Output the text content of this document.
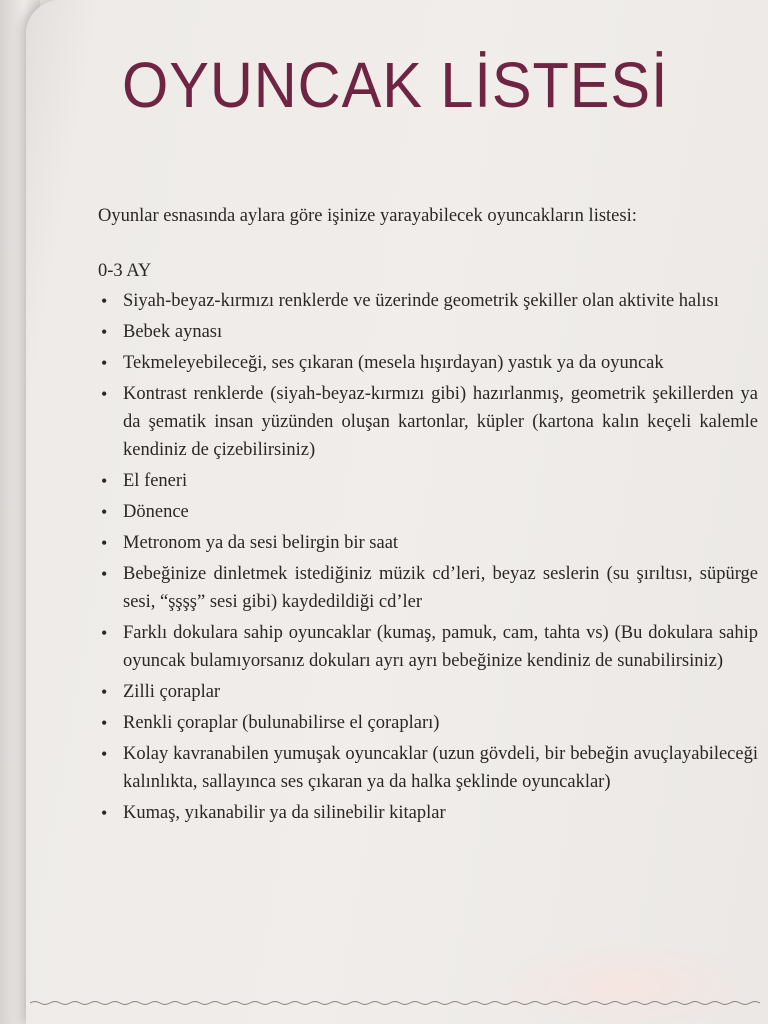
OYUNCAK LİSTESİ

Oyunlar esnasında aylara göre işinize yarayabilecek oyuncakların listesi:

0-3 AY

• Siyah-beyaz-kırmızı renklerde ve üzerinde geometrik şekiller olan aktivite halısı
• Bebek aynası
• Tekmeleyebileceği, ses çıkaran (mesela hışırdayan) yastık ya da oyuncak
• Kontrast renklerde (siyah-beyaz-kırmızı gibi) hazırlanmış, geometrik şekillerden ya da şematik insan yüzünden oluşan kartonlar, küpler (kartona kalın keçeli kalemle kendiniz de çizebilirsiniz)
• El feneri
• Dönence
• Metronom ya da sesi belirgin bir saat
• Bebeğinize dinletmek istediğiniz müzik cd’leri, beyaz seslerin (su şırıltısı, süpürge sesi, “şşşş” sesi gibi) kaydedildiği cd’ler
• Farklı dokulara sahip oyuncaklar (kumaş, pamuk, cam, tahta vs) (Bu dokulara sahip oyuncak bulamıyorsanız dokuları ayrı ayrı bebeğinize kendiniz de sunabilirsiniz)
• Zilli çoraplar
• Renkli çoraplar (bulunabilirse el çorapları)
• Kolay kavranabilen yumuşak oyuncaklar (uzun gövdeli, bir bebeğin avuçlayabileceği kalınlıkta, sallayınca ses çıkaran ya da halka şeklinde oyuncaklar)
• Kumaş, yıkanabilir ya da silinebilir kitaplar
